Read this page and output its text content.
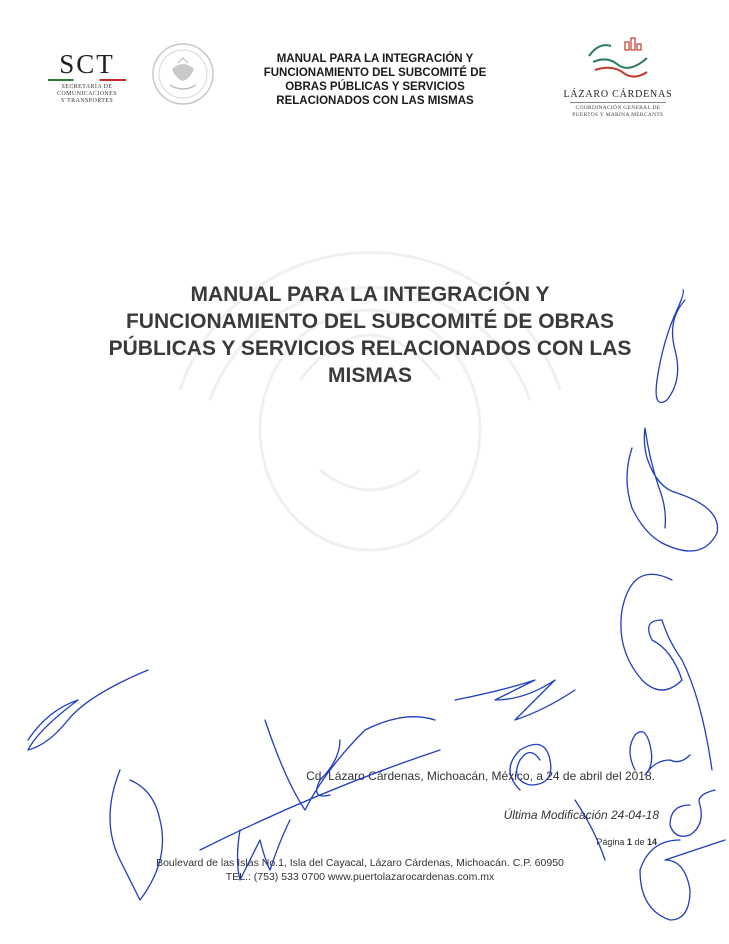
SCT
SECRETARÍA DE
COMUNICACIONES
Y TRANSPORTES
MANUAL PARA LA INTEGRACIÓN Y
FUNCIONAMIENTO DEL SUBCOMITÉ DE
OBRAS PÚBLICAS Y SERVICIOS
RELACIONADOS CON LAS MISMAS
LÁZARO CÁRDENAS
COORDINACIÓN GENERAL DE
PUERTOS Y MARINA MERCANTE
MANUAL PARA LA INTEGRACIÓN Y
FUNCIONAMIENTO DEL SUBCOMITÉ DE OBRAS
PÚBLICAS Y SERVICIOS RELACIONADOS CON LAS
MISMAS
Cd. Lázaro Cárdenas, Michoacán, México, a 24 de abril del 2018.
Última Modificación 24-04-18
Página 1 de 14
Boulevard de las Islas No.1, Isla del Cayacal, Lázaro Cárdenas, Michoacán. C.P. 60950
TEL.: (753) 533 0700 www.puertolazarocardenas.com.mx
